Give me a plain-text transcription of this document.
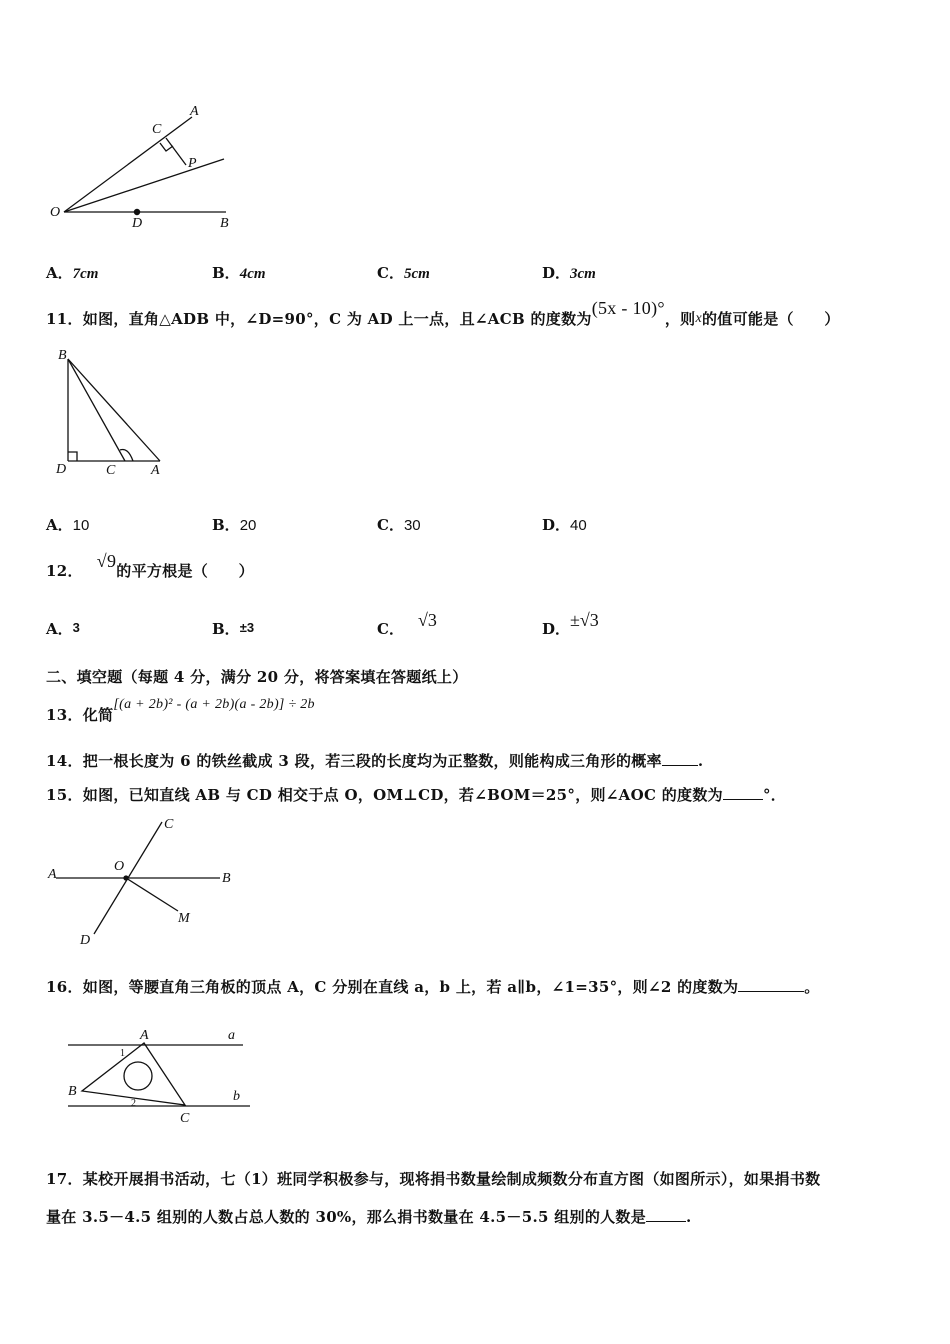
A
C
P
O
D	B
A．7cm	B．4cm	C．5cm	D．3cm
11．如图，直角△ADB 中，∠D=90°，C 为 AD 上一点，且∠ACB 的度数为(5x - 10)°，则x的值可能是（　　）
B
D	C	A
A．10	B．20	C．30	D．40
12． √9的平方根是（　　）
A．3	B．±3	C． √3	D．±√3
二、填空题（每题 4 分，满分 20 分，将答案填在答题纸上）
13．化简[(a + 2b)² - (a + 2b)(a - 2b)] ÷ 2b
14．把一根长度为 6 的铁丝截成 3 段，若三段的长度均为正整数，则能构成三角形的概率 .
15．如图，已知直线 AB 与 CD 相交于点 O，OM⊥CD，若∠BOM＝25°，则∠AOC 的度数为	°．
C
O
A	B
M
D
16．如图，等腰直角三角板的顶点 A，C 分别在直线 a，b 上，若 a∥b，∠1=35°，则∠2 的度数为	。
A	a
B	b
C
1
2
17．某校开展捐书活动，七（1）班同学积极参与，现将捐书数量绘制成频数分布直方图（如图所示），如果捐书数
量在 3.5－4.5 组别的人数占总人数的 30%，那么捐书数量在 4.5－5.5 组别的人数是	.
